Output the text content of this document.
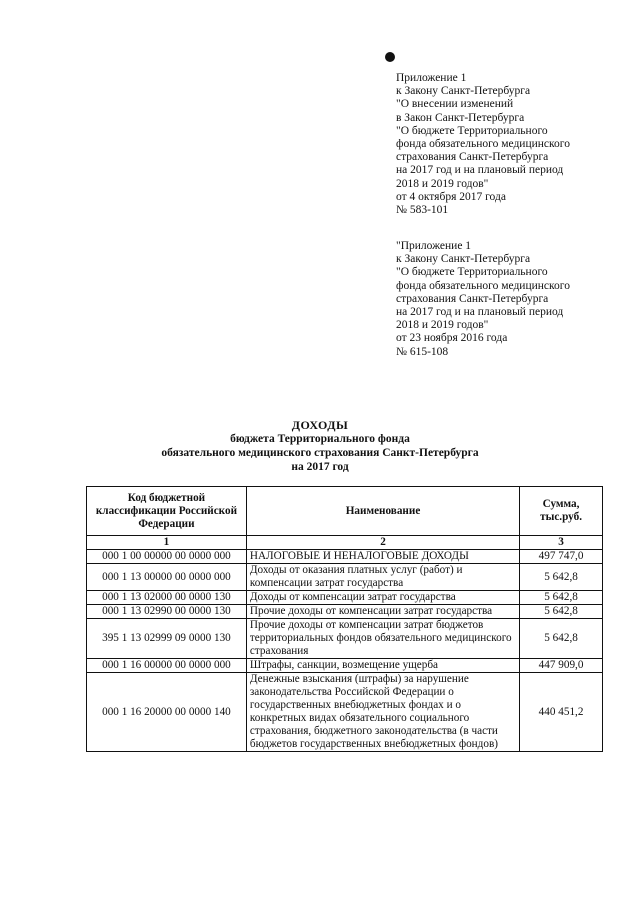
Приложение 1
к Закону Санкт-Петербурга
"О внесении изменений
в Закон Санкт-Петербурга
"О бюджете Территориального
фонда обязательного медицинского
страхования Санкт-Петербурга
на 2017 год и на плановый период
2018 и 2019 годов"
от 4 октября 2017 года
№ 583-101
"Приложение 1
к Закону Санкт-Петербурга
"О бюджете Территориального
фонда обязательного медицинского
страхования Санкт-Петербурга
на 2017 год и на плановый период
2018 и 2019 годов"
от 23 ноября 2016 года
№ 615-108
ДОХОДЫ
бюджета Территориального фонда
обязательного медицинского страхования Санкт-Петербурга
на 2017 год
Код бюджетной классификации Российской Федерации	Наименование	Сумма, тыс.руб.
1	2	3
000 1 00 00000 00 0000 000	НАЛОГОВЫЕ И НЕНАЛОГОВЫЕ ДОХОДЫ	497 747,0
000 1 13 00000 00 0000 000	Доходы от оказания платных услуг (работ) и компенсации затрат государства	5 642,8
000 1 13 02000 00 0000 130	Доходы от компенсации затрат государства	5 642,8
000 1 13 02990 00 0000 130	Прочие доходы от компенсации затрат государства	5 642,8
395 1 13 02999 09 0000 130	Прочие доходы от компенсации затрат бюджетов территориальных фондов обязательного медицинского страхования	5 642,8
000 1 16 00000 00 0000 000	Штрафы, санкции, возмещение ущерба	447 909,0
000 1 16 20000 00 0000 140	Денежные взыскания (штрафы) за нарушение законодательства Российской Федерации о государственных внебюджетных фондах и о конкретных видах обязательного социального страхования, бюджетного законодательства (в части бюджетов государственных внебюджетных фондов)	440 451,2
